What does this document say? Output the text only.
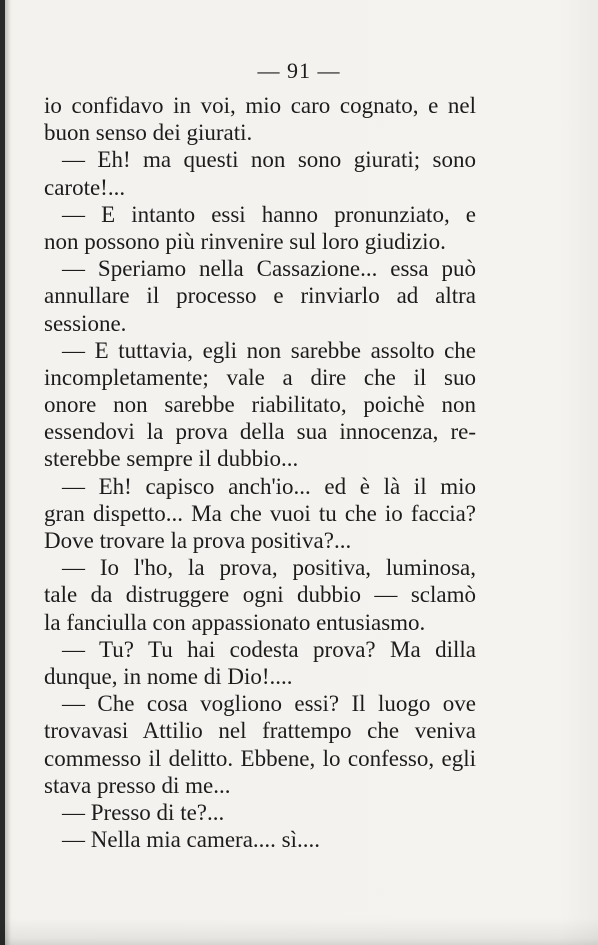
— 91 —
io confidavo in voi, mio caro cognato, e nel
buon senso dei giurati.
— Eh! ma questi non sono giurati; sono
carote!...
— E intanto essi hanno pronunziato, e
non possono più rinvenire sul loro giudizio.
— Speriamo nella Cassazione... essa può
annullare il processo e rinviarlo ad altra
sessione.
— E tuttavia, egli non sarebbe assolto che
incompletamente; vale a dire che il suo
onore non sarebbe riabilitato, poichè non
essendovi la prova della sua innocenza, re-
sterebbe sempre il dubbio...
— Eh! capisco anch'io... ed è là il mio
gran dispetto... Ma che vuoi tu che io faccia?
Dove trovare la prova positiva?...
— Io l'ho, la prova, positiva, luminosa,
tale da distruggere ogni dubbio — sclamò
la fanciulla con appassionato entusiasmo.
— Tu? Tu hai codesta prova? Ma dilla
dunque, in nome di Dio!....
— Che cosa vogliono essi? Il luogo ove
trovavasi Attilio nel frattempo che veniva
commesso il delitto. Ebbene, lo confesso, egli
stava presso di me...
— Presso di te?...
— Nella mia camera.... sì....
